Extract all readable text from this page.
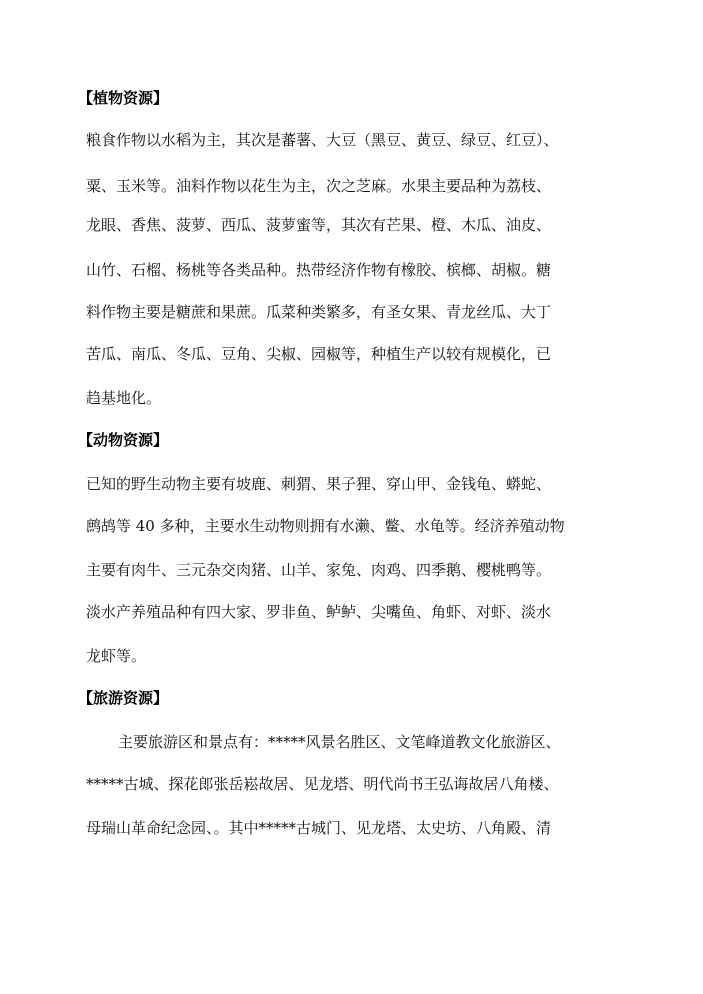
【植物资源】
粮食作物以水稻为主，其次是蕃薯、大豆（黑豆、黄豆、绿豆、红豆）、
粟、玉米等。油料作物以花生为主，次之芝麻。水果主要品种为荔枝、
龙眼、香焦、菠萝、西瓜、菠萝蜜等，其次有芒果、橙、木瓜、油皮、
山竹、石榴、杨桃等各类品种。热带经济作物有橡胶、槟榔、胡椒。糖
料作物主要是糖蔗和果蔗。瓜菜种类繁多，有圣女果、青龙丝瓜、大丁
苦瓜、南瓜、冬瓜、豆角、尖椒、园椒等，种植生产以较有规模化，已
趋基地化。
【动物资源】
已知的野生动物主要有坡鹿、刺猬、果子狸、穿山甲、金钱龟、蟒蛇、
鹧鸪等 40 多种，主要水生动物则拥有水濑、鳖、水龟等。经济养殖动物
主要有肉牛、三元杂交肉猪、山羊、家兔、肉鸡、四季鹅、樱桃鸭等。
淡水产养殖品种有四大家、罗非鱼、鲈鲈、尖嘴鱼、角虾、对虾、淡水
龙虾等。
【旅游资源】
主要旅游区和景点有：*****风景名胜区、文笔峰道教文化旅游区、
*****古城、探花郎张岳崧故居、见龙塔、明代尚书王弘诲故居八角楼、
母瑞山革命纪念园、。其中*****古城门、见龙塔、太史坊、八角殿、清
